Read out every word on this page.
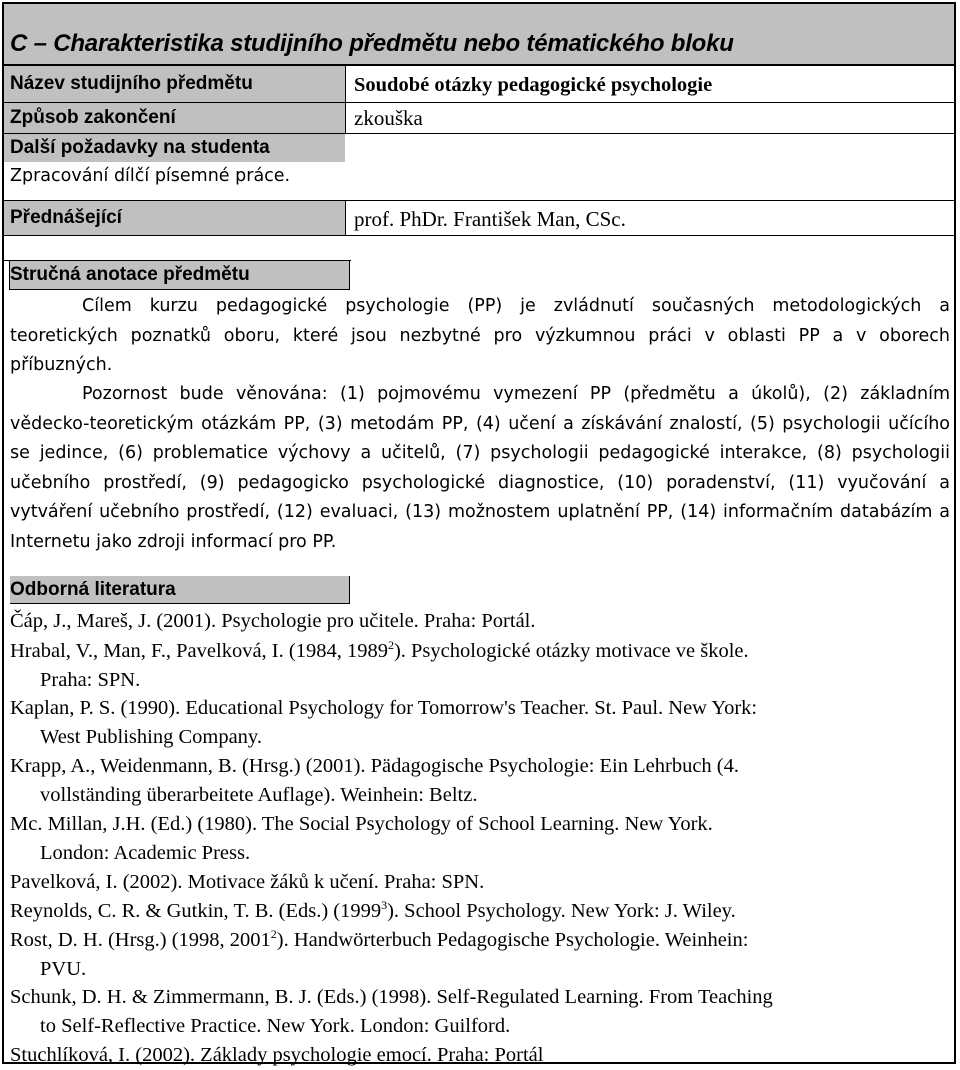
C – Charakteristika studijního předmětu nebo tématického bloku
Název studijního předmětu	Soudobé otázky pedagogické psychologie
Způsob zakončení	zkouška
Další požadavky na studenta
Zpracování dílčí písemné práce.
Přednášející	prof. PhDr. František Man, CSc.
Stručná anotace předmětu

Cílem kurzu pedagogické psychologie (PP) je zvládnutí současných metodologických a teoretických poznatků oboru, které jsou nezbytné pro výzkumnou práci v oblasti PP a v oborech příbuzných.

Pozornost bude věnována: (1) pojmovému vymezení PP (předmětu a úkolů), (2) základním vědecko-teoretickým otázkám PP, (3) metodám PP, (4) učení a získávání znalostí, (5) psychologii učícího se jedince, (6) problematice výchovy a učitelů, (7) psychologii pedagogické interakce, (8) psychologii učebního prostředí, (9) pedagogicko psychologické diagnostice, (10) poradenství, (11) vyučování a vytváření učebního prostředí, (12) evaluaci, (13) možnostem uplatnění PP, (14) informačním databázím a Internetu jako zdroji informací pro PP.

Odborná literatura
Čáp, J., Mareš, J. (2001). Psychologie pro učitele. Praha: Portál.
Hrabal, V., Man, F., Pavelková, I. (1984, 1989$^2$). Psychologické otázky motivace ve škole.
Praha: SPN.
Kaplan, P. S. (1990). Educational Psychology for Tomorrow's Teacher. St. Paul. New York:
West Publishing Company.
Krapp, A., Weidenmann, B. (Hrsg.) (2001). Pädagogische Psychologie: Ein Lehrbuch (4.
vollständing überarbeitete Auflage). Weinhein: Beltz.
Mc. Millan, J.H. (Ed.) (1980). The Social Psychology of School Learning. New York.
London: Academic Press.
Pavelková, I. (2002). Motivace žáků k učení. Praha: SPN.
Reynolds, C. R. & Gutkin, T. B. (Eds.) (1999$^3$). School Psychology. New York: J. Wiley.
Rost, D. H. (Hrsg.) (1998, 2001$^2$). Handwörterbuch Pedagogische Psychologie. Weinhein:
PVU.
Schunk, D. H. & Zimmermann, B. J. (Eds.) (1998). Self-Regulated Learning. From Teaching
to Self-Reflective Practice. New York. London: Guilford.
Stuchlíková, I. (2002). Základy psychologie emocí. Praha: Portál
